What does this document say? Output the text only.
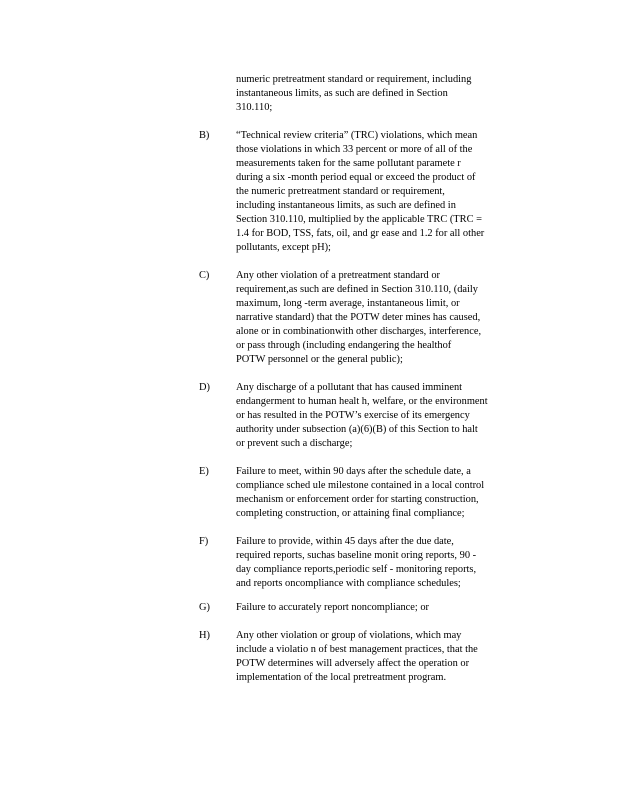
numeric pretreatment standard or requirement, including
instantaneous limits, as such are defined in Section
310.110;
B)	“Technical review criteria” (TRC) violations, which mean
those violations in which 33 percent or more of all of the
measurements taken for the same pollutant paramete r
during a six -month period equal or exceed the product of
the numeric pretreatment standard or requirement,
including instantaneous limits, as such are defined in
Section 310.110, multiplied by the applicable TRC (TRC =
1.4 for BOD, TSS, fats, oil, and gr ease and 1.2 for all other
pollutants, except pH);
C)	Any other violation of a pretreatment standard or
requirement,as such are defined in Section 310.110, (daily
maximum, long -term average, instantaneous limit, or
narrative standard) that the POTW deter mines has caused,
alone or in combinationwith other discharges, interference,
or pass through (including endangering the healthof
POTW personnel or the general public);
D)	Any discharge of a pollutant that has caused imminent
endangerment to human healt h, welfare, or the environment
or has resulted in the POTW’s exercise of its emergency
authority under subsection (a)(6)(B) of this Section to halt
or prevent such a discharge;
E)	Failure to meet, within 90 days after the schedule date, a
compliance sched ule milestone contained in a local control
mechanism or enforcement order for starting construction,
completing construction, or attaining final compliance;
F)	Failure to provide, within 45 days after the due date,
required reports, suchas baseline monit oring reports, 90 -
day compliance reports,periodic self - monitoring reports,
and reports oncompliance with compliance schedules;
G)	Failure to accurately report noncompliance; or
H)	Any other violation or group of violations, which may
include a violatio n of best management practices, that the
POTW determines will adversely affect the operation or
implementation of the local pretreatment program.
